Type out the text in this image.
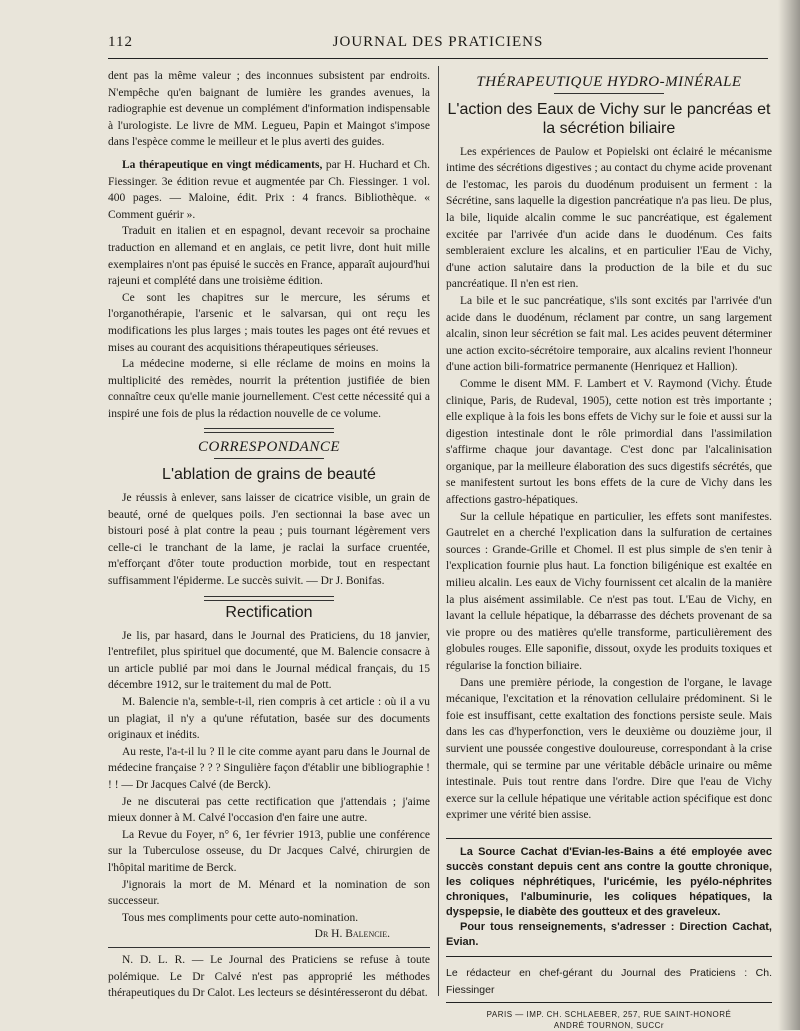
112	JOURNAL DES PRATICIENS

dent pas la même valeur ; des inconnues subsistent par endroits. N'empêche qu'en baignant de lumière les grandes avenues, la radiographie est devenue un complément d'information indispensable à l'urologiste. Le livre de MM. Legueu, Papin et Maingot s'impose dans l'espèce comme le meilleur et le plus averti des guides.

La thérapeutique en vingt médicaments, par H. Huchard et Ch. Fiessinger. 3e édition revue et augmentée par Ch. Fiessinger. 1 vol. 400 pages. — Maloine, édit. Prix : 4 francs. Bibliothèque. « Comment guérir ».

Traduit en italien et en espagnol, devant recevoir sa prochaine traduction en allemand et en anglais, ce petit livre, dont huit mille exemplaires n'ont pas épuisé le succès en France, apparaît aujourd'hui rajeuni et complété dans une troisième édition.

Ce sont les chapitres sur le mercure, les sérums et l'organothérapie, l'arsenic et le salvarsan, qui ont reçu les modifications les plus larges ; mais toutes les pages ont été revues et mises au courant des acquisitions thérapeutiques sérieuses.

La médecine moderne, si elle réclame de moins en moins la multiplicité des remèdes, nourrit la prétention justifiée de bien connaître ceux qu'elle manie journellement. C'est cette nécessité qui a inspiré une fois de plus la rédaction nouvelle de ce volume.

CORRESPONDANCE
L'ablation de grains de beauté

Je réussis à enlever, sans laisser de cicatrice visible, un grain de beauté, orné de quelques poils. J'en sectionnai la base avec un bistouri posé à plat contre la peau ; puis tournant légèrement vers celle-ci le tranchant de la lame, je raclai la surface cruentée, m'efforçant d'ôter toute production morbide, tout en respectant suffisamment l'épiderme. Le succès suivit. — Dr J. Bonifas.

Rectification

Je lis, par hasard, dans le Journal des Praticiens, du 18 janvier, l'entrefilet, plus spirituel que documenté, que M. Balencie consacre à un article publié par moi dans le Journal médical français, du 15 décembre 1912, sur le traitement du mal de Pott.

M. Balencie n'a, semble-t-il, rien compris à cet article : où il a vu un plagiat, il n'y a qu'une réfutation, basée sur des documents originaux et inédits.

Au reste, l'a-t-il lu ? Il le cite comme ayant paru dans le Journal de médecine française ? ? ? Singulière façon d'établir une bibliographie ! ! ! — Dr Jacques Calvé (de Berck).

Je ne discuterai pas cette rectification que j'attendais ; j'aime mieux donner à M. Calvé l'occasion d'en faire une autre.

La Revue du Foyer, n° 6, 1er février 1913, publie une conférence sur la Tuberculose osseuse, du Dr Jacques Calvé, chirurgien de l'hôpital maritime de Berck.

J'ignorais la mort de M. Ménard et la nomination de son successeur.

Tous mes compliments pour cette auto-nomination.

Dr H. Balencie.

N. D. L. R. — Le Journal des Praticiens se refuse à toute polémique. Le Dr Calvé n'est pas approprié les méthodes thérapeutiques du Dr Calot. Les lecteurs se désintéresseront du débat.

THÉRAPEUTIQUE HYDRO-MINÉRALE
L'action des Eaux de Vichy sur le pancréas et la sécrétion biliaire

Les expériences de Paulow et Popielski ont éclairé le mécanisme intime des sécrétions digestives ; au contact du chyme acide provenant de l'estomac, les parois du duodénum produisent un ferment : la Sécrétine, sans laquelle la digestion pancréatique n'a pas lieu. De plus, la bile, liquide alcalin comme le suc pancréatique, est également excitée par l'arrivée d'un acide dans le duodénum. Ces faits sembleraient exclure les alcalins, et en particulier l'Eau de Vichy, d'une action salutaire dans la production de la bile et du suc pancréatique. Il n'en est rien.

La bile et le suc pancréatique, s'ils sont excités par l'arrivée d'un acide dans le duodénum, réclament par contre, un sang largement alcalin, sinon leur sécrétion se fait mal. Les acides peuvent déterminer une action excito-sécrétoire temporaire, aux alcalins revient l'honneur d'une action bili-formatrice permanente (Henriquez et Hallion).

Comme le disent MM. F. Lambert et V. Raymond (Vichy. Étude clinique, Paris, de Rudeval, 1905), cette notion est très importante ; elle explique à la fois les bons effets de Vichy sur le foie et aussi sur la digestion intestinale dont le rôle primordial dans l'assimilation s'affirme chaque jour davantage. C'est donc par l'alcalinisation organique, par la meilleure élaboration des sucs digestifs sécrétés, que se manifestent surtout les bons effets de la cure de Vichy dans les affections gastro-hépatiques.

Sur la cellule hépatique en particulier, les effets sont manifestes. Gautrelet en a cherché l'explication dans la sulfuration de certaines sources : Grande-Grille et Chomel. Il est plus simple de s'en tenir à l'explication fournie plus haut. La fonction biligénique est exaltée en milieu alcalin. Les eaux de Vichy fournissent cet alcalin de la manière la plus aisément assimilable. Ce n'est pas tout. L'Eau de Vichy, en lavant la cellule hépatique, la débarrasse des déchets provenant de sa vie propre ou des matières qu'elle transforme, particulièrement des globules rouges. Elle saponifie, dissout, oxyde les produits toxiques et régularise la fonction biliaire.

Dans une première période, la congestion de l'organe, le lavage mécanique, l'excitation et la rénovation cellulaire prédominent. Si le foie est insuffisant, cette exaltation des fonctions persiste seule. Mais dans les cas d'hyperfonction, vers le deuxième ou douzième jour, il survient une poussée congestive douloureuse, correspondant à la crise thermale, qui se termine par une véritable débâcle urinaire ou même intestinale. Puis tout rentre dans l'ordre. Dire que l'eau de Vichy exerce sur la cellule hépatique une véritable action spécifique est donc exprimer une vérité bien assise.

La Source Cachat d'Evian-les-Bains a été employée avec succès constant depuis cent ans contre la goutte chronique, les coliques néphrétiques, l'uricémie, les pyélo-néphrites chroniques, l'albuminurie, les coliques hépatiques, la dyspepsie, le diabète des goutteux et des graveleux.

Pour tous renseignements, s'adresser : Direction Cachat, Evian.

Le rédacteur en chef-gérant du Journal des Praticiens : Ch. Fiessinger
PARIS — IMP. CH. SCHLAEBER, 257, RUE SAINT-HONORÉ
ANDRÉ TOURNON, SUCCr
